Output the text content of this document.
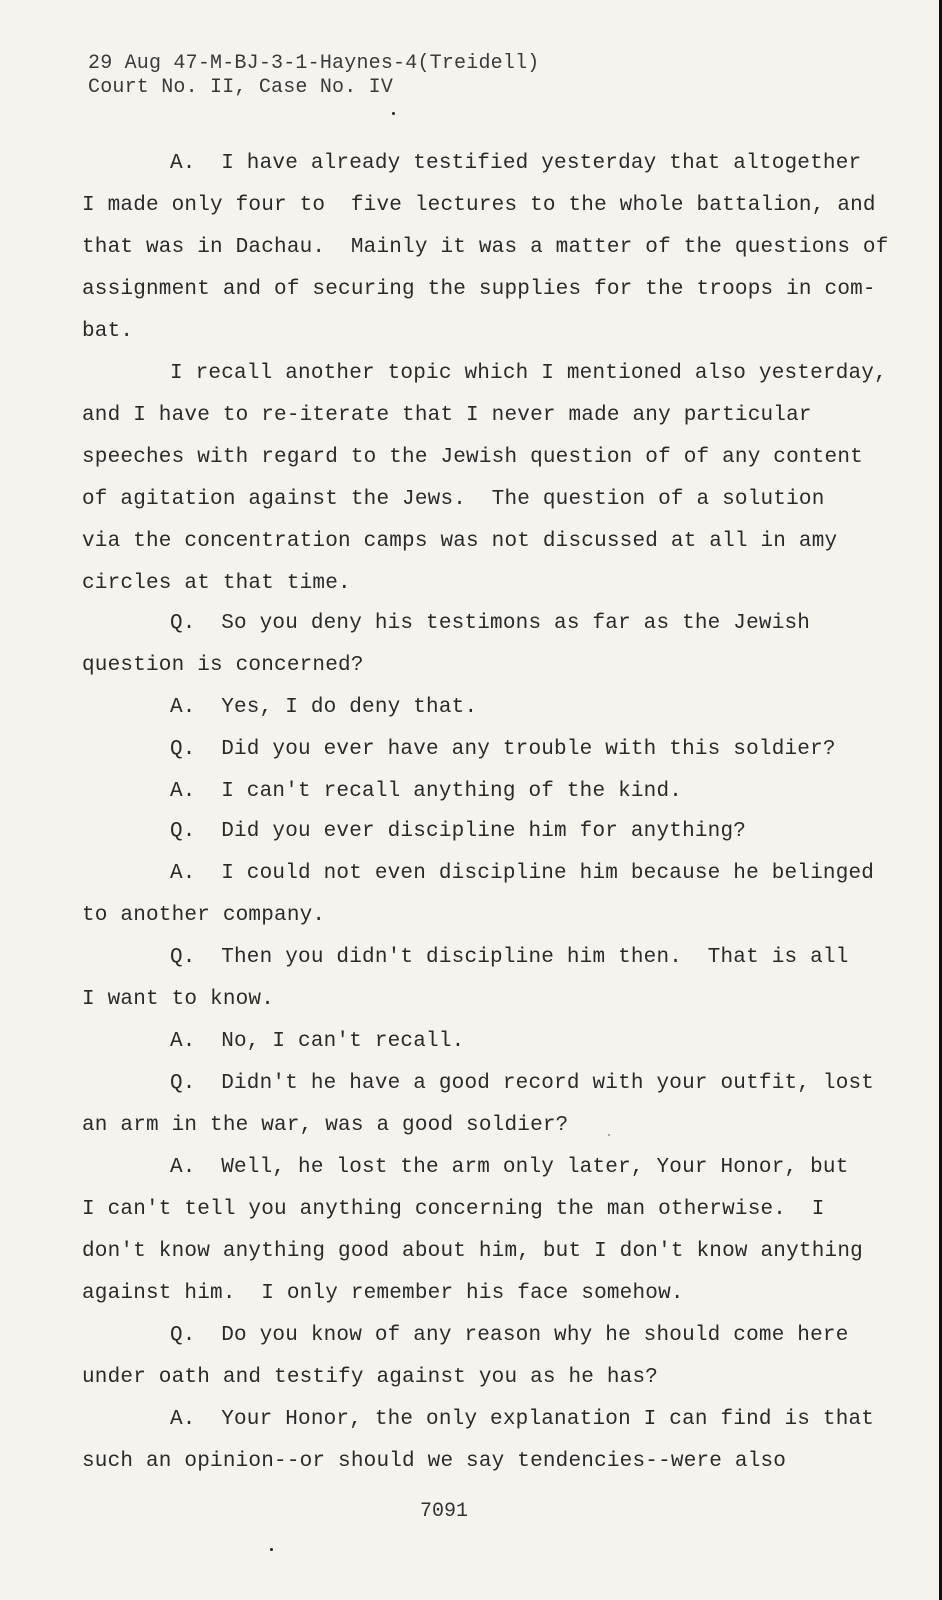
29 Aug 47-M-BJ-3-1-Haynes-4(Treidell)
Court No. II, Case No. IV
A.  I have already testified yesterday that altogether
I made only four to  five lectures to the whole battalion, and
that was in Dachau.  Mainly it was a matter of the questions of
assignment and of securing the supplies for the troops in com-
bat.
I recall another topic which I mentioned also yesterday,
and I have to re-iterate that I never made any particular
speeches with regard to the Jewish question of of any content
of agitation against the Jews.  The question of a solution
via the concentration camps was not discussed at all in amy
circles at that time.
Q.  So you deny his testimons as far as the Jewish
question is concerned?
A.  Yes, I do deny that.
Q.  Did you ever have any trouble with this soldier?
A.  I can't recall anything of the kind.
Q.  Did you ever discipline him for anything?
A.  I could not even discipline him because he belinged
to another company.
Q.  Then you didn't discipline him then.  That is all
I want to know.
A.  No, I can't recall.
Q.  Didn't he have a good record with your outfit, lost
an arm in the war, was a good soldier?
A.  Well, he lost the arm only later, Your Honor, but
I can't tell you anything concerning the man otherwise.  I
don't know anything good about him, but I don't know anything
against him.  I only remember his face somehow.
Q.  Do you know of any reason why he should come here
under oath and testify against you as he has?
A.  Your Honor, the only explanation I can find is that
such an opinion--or should we say tendencies--were also
7091
